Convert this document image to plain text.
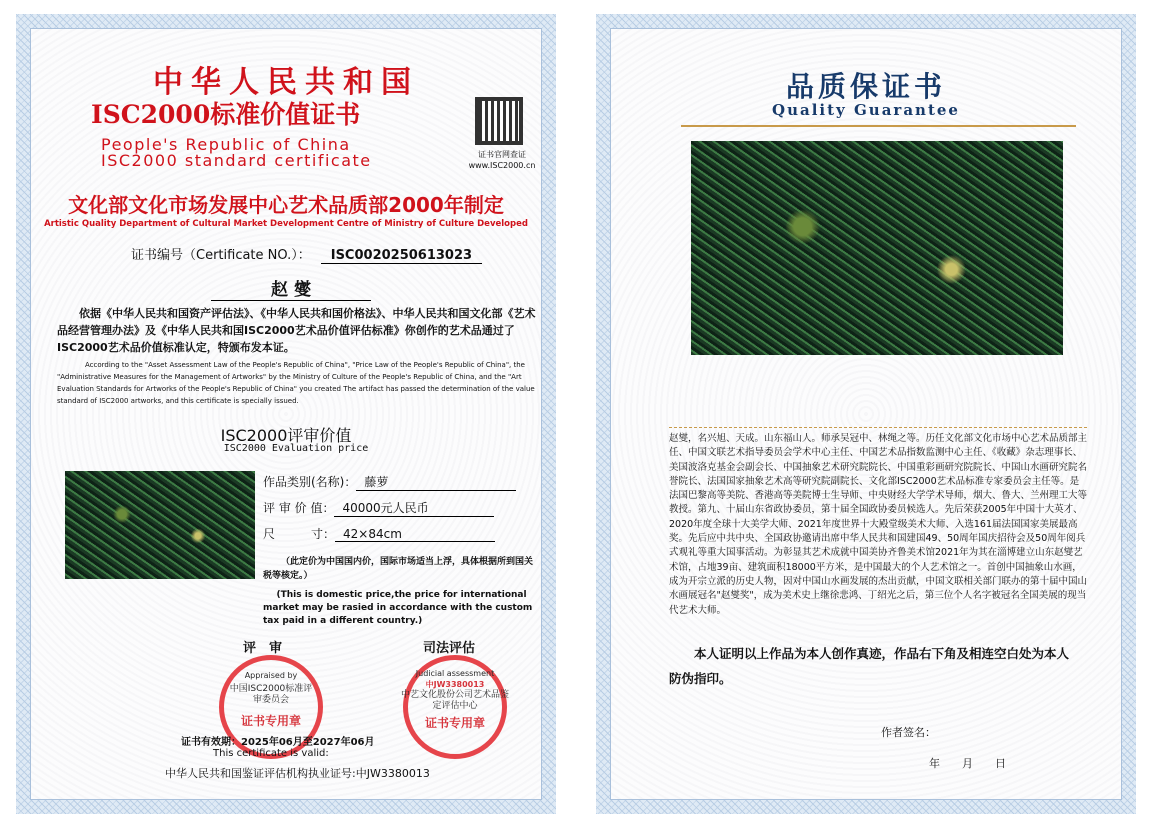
中华人民共和国
ISC2000标准价值证书
People's Republic of China
ISC2000 standard certificate	证书官网查证
www.ISC2000.cn
文化部文化市场发展中心艺术品质部2000年制定
Artistic Quality Department of Cultural Market Development Centre of Ministry of Culture Developed
证书编号（Certificate NO.）： ISC0020250613023
赵 燮
依据《中华人民共和国资产评估法》、《中华人民共和国价格法》、中华人民共和国文化部《艺术品经营管理办法》及《中华人民共和国ISC2000艺术品价值评估标准》你创作的艺术品通过了ISC2000艺术品价值标准认定，特颁布发本证。
According to the "Asset Assessment Law of the People's Republic of China", "Price Law of the People's Republic of China", the "Administrative Measures for the Management of Artworks" by the Ministry of Culture of the People's Republic of China, and the "Art Evaluation Standards for Artworks of the People's Republic of China" you created The artifact has passed the determination of the value standard of ISC2000 artworks, and this certificate is specially issued.
ISC2000评审价值
ISC2000 Evaluation price
作品类别(名称)： 藤萝
评 审 价 值： 40000元人民币
尺　　　寸： 42×84cm
（此定价为中国国内价，国际市场适当上浮，具体根据所到国关税等核定。）
(This is domestic price,the price for international market may be rasied in accordance with the custom tax paid in a different country.)
评　审	司法评估
Appraised by
中国ISC2000标准评审委员会
证书专用章
Judicial assessment
中JW3380013
中艺文化股份公司艺术品鉴定评估中心
证书专用章
证书有效期：2025年06月至2027年06月
This certificate is valid:
中华人民共和国鉴证评估机构执业证号:中JW3380013
品质保证书
Quality Guarantee
赵燮，名兴旭、天成。山东福山人。师承吴冠中、林绳之等。历任文化部文化市场中心艺术品质部主任、中国文联艺术指导委员会学术中心主任、中国艺术品指数监测中心主任、《收藏》杂志理事长、美国波洛克基金会副会长、中国抽象艺术研究院院长、中国重彩画研究院院长、中国山水画研究院名誉院长、法国国家抽象艺术高等研究院副院长、文化部ISC2000艺术品标准专家委员会主任等。是法国巴黎高等美院、香港高等美院博士生导师、中央财经大学学术导师，烟大、鲁大、兰州理工大等教授。第九、十届山东省政协委员，第十届全国政协委员候选人。先后荣获2005年中国十大英才、2020年度全球十大美学大师、2021年度世界十大殿堂级美术大师、入选161届法国国家美展最高奖。先后应中共中央、全国政协邀请出席中华人民共和国建国49、50周年国庆招待会及50周年阅兵式观礼等重大国事活动。为彰显其艺术成就中国美协齐鲁美术馆2021年为其在淄博建立山东赵燮艺术馆，占地39亩、建筑面积18000平方米，是中国最大的个人艺术馆之一。首创中国抽象山水画，成为开宗立派的历史人物，因对中国山水画发展的杰出贡献，中国文联相关部门联办的第十届中国山水画展冠名"赵燮奖"，成为美术史上继徐悲鸿、丁绍光之后，第三位个人名字被冠名全国美展的现当代艺术大师。
本人证明以上作品为本人创作真迹，作品右下角及相连空白处为本人防伪指印。
作者签名：
年　　月　　日
